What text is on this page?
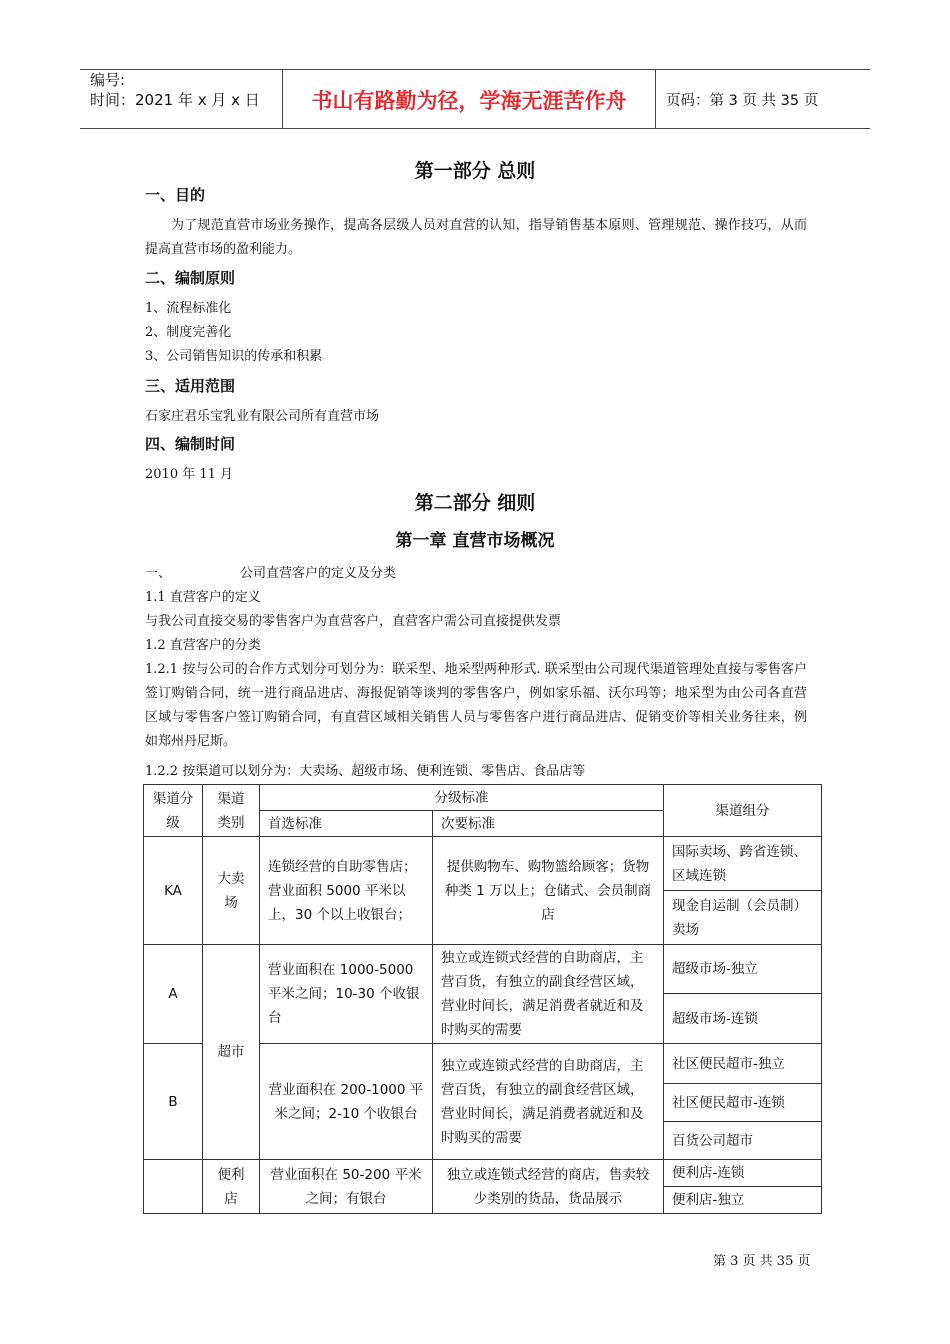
编号:
时间：2021 年 x 月 x 日	书山有路勤为径，学海无涯苦作舟	页码：第 3 页 共 35 页
第一部分 总则
一、目的
为了规范直营市场业务操作，提高各层级人员对直营的认知，指导销售基本原则、管理规范、操作技巧，从而提高直营市场的盈利能力。
二、编制原则
1、流程标准化
2、制度完善化
3、公司销售知识的传承和积累
三、适用范围
石家庄君乐宝乳业有限公司所有直营市场
四、编制时间
2010 年 11 月
第二部分 细则
第一章 直营市场概况
一、	公司直营客户的定义及分类
1.1 直营客户的定义
与我公司直接交易的零售客户为直营客户，直营客户需公司直接提供发票
1.2 直营客户的分类
1.2.1 按与公司的合作方式划分可划分为：联采型、地采型两种形式. 联采型由公司现代渠道管理处直接与零售客户签订购销合同，统一进行商品进店、海报促销等谈判的零售客户，例如家乐福、沃尔玛等；地采型为由公司各直营区域与零售客户签订购销合同，有直营区域相关销售人员与零售客户进行商品进店、促销变价等相关业务往来，例如郑州丹尼斯。
1.2.2 按渠道可以划分为：大卖场、超级市场、便利连锁、零售店、食品店等
渠道分级	渠道类别	分级标准		渠道组分
		首选标准	次要标准	
KA	大卖场	连锁经营的自助零售店；营业面积 5000 平米以上，30 个以上收银台；	提供购物车、购物篮给顾客；货物种类 1 万以上；仓储式、会员制商店	国际卖场、跨省连锁、区域连锁
				现金自运制（会员制）卖场
A	超市	营业面积在 1000-5000 平米之间；10-30 个收银台	独立或连锁式经营的自助商店，主营百货，有独立的副食经营区域，营业时间长，满足消费者就近和及时购买的需要	超级市场-独立
				超级市场-连锁
B		营业面积在 200-1000 平米之间；2-10 个收银台	独立或连锁式经营的自助商店，主营百货，有独立的副食经营区域，营业时间长，满足消费者就近和及时购买的需要	社区便民超市-独立
				社区便民超市-连锁
				百货公司超市
	便利店	营业面积在 50-200 平米之间；有银台	独立或连锁式经营的商店，售卖较少类别的货品，货品展示	便利店-连锁
				便利店-独立
第 3 页 共 35 页
